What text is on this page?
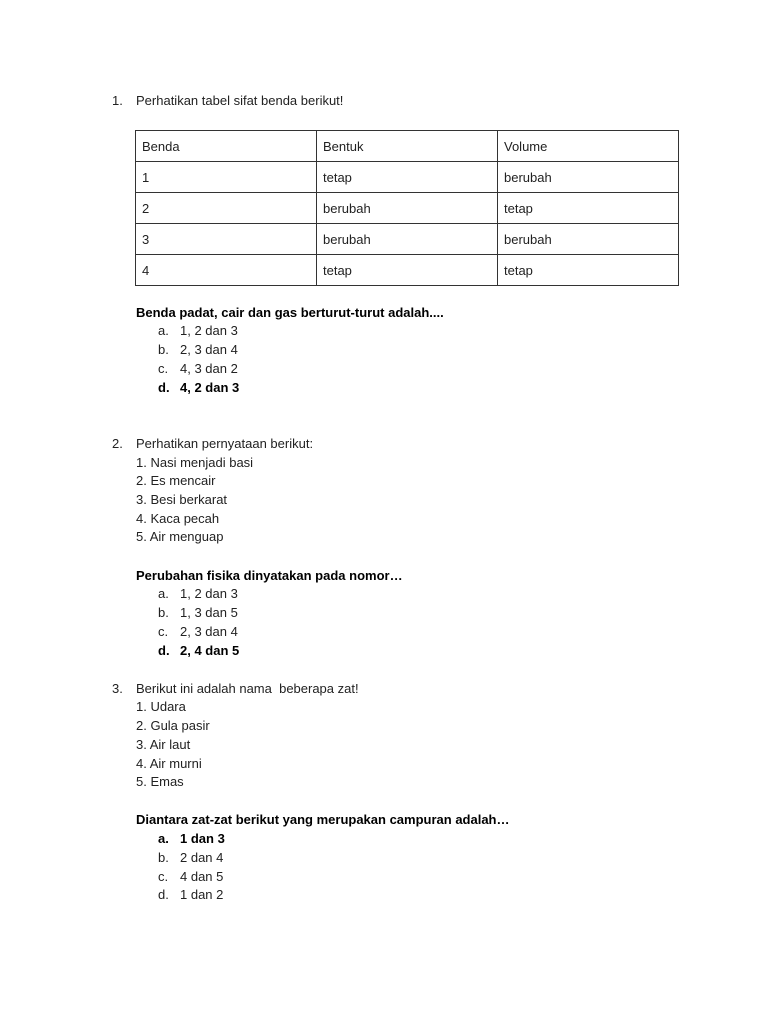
1. Perhatikan tabel sifat benda berikut!
Benda	Bentuk	Volume
1	tetap	berubah
2	berubah	tetap
3	berubah	berubah
4	tetap	tetap
Benda padat, cair dan gas berturut-turut adalah....
a. 1, 2 dan 3
b. 2, 3 dan 4
c. 4, 3 dan 2
d. 4, 2 dan 3
2. Perhatikan pernyataan berikut:
1. Nasi menjadi basi
2. Es mencair
3. Besi berkarat
4. Kaca pecah
5. Air menguap
Perubahan fisika dinyatakan pada nomor…
a. 1, 2 dan 3
b. 1, 3 dan 5
c. 2, 3 dan 4
d. 2, 4 dan 5
3. Berikut ini adalah nama  beberapa zat!
1. Udara
2. Gula pasir
3. Air laut
4. Air murni
5. Emas
Diantara zat-zat berikut yang merupakan campuran adalah…
a. 1 dan 3
b. 2 dan 4
c. 4 dan 5
d. 1 dan 2
